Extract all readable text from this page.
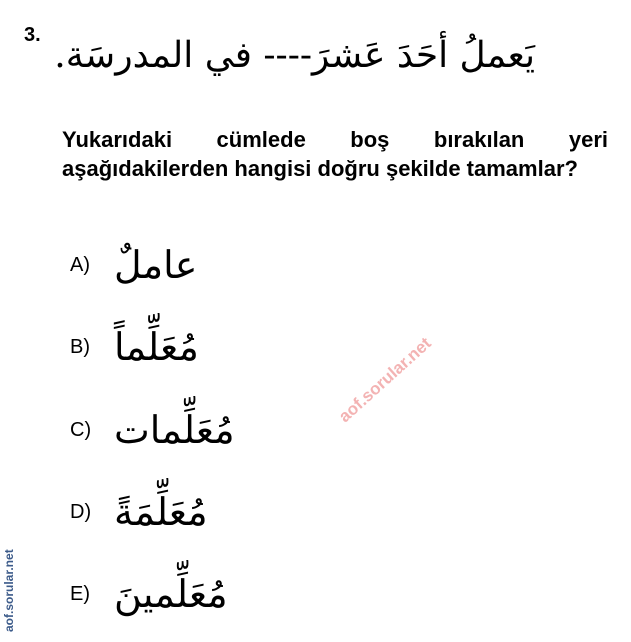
3. يَعملُ أحَدَ عَشرَ---- في المدرسَة.
Yukarıdaki cümlede boş bırakılan yeri aşağıdakilerden hangisi doğru şekilde tamamlar?
A) عاملٌ
B) مُعَلِّماً
C) مُعَلِّمات
D) مُعَلِّمَةً
E) مُعَلِّمينَ
aof.sorular.net
aof.sorular.net
